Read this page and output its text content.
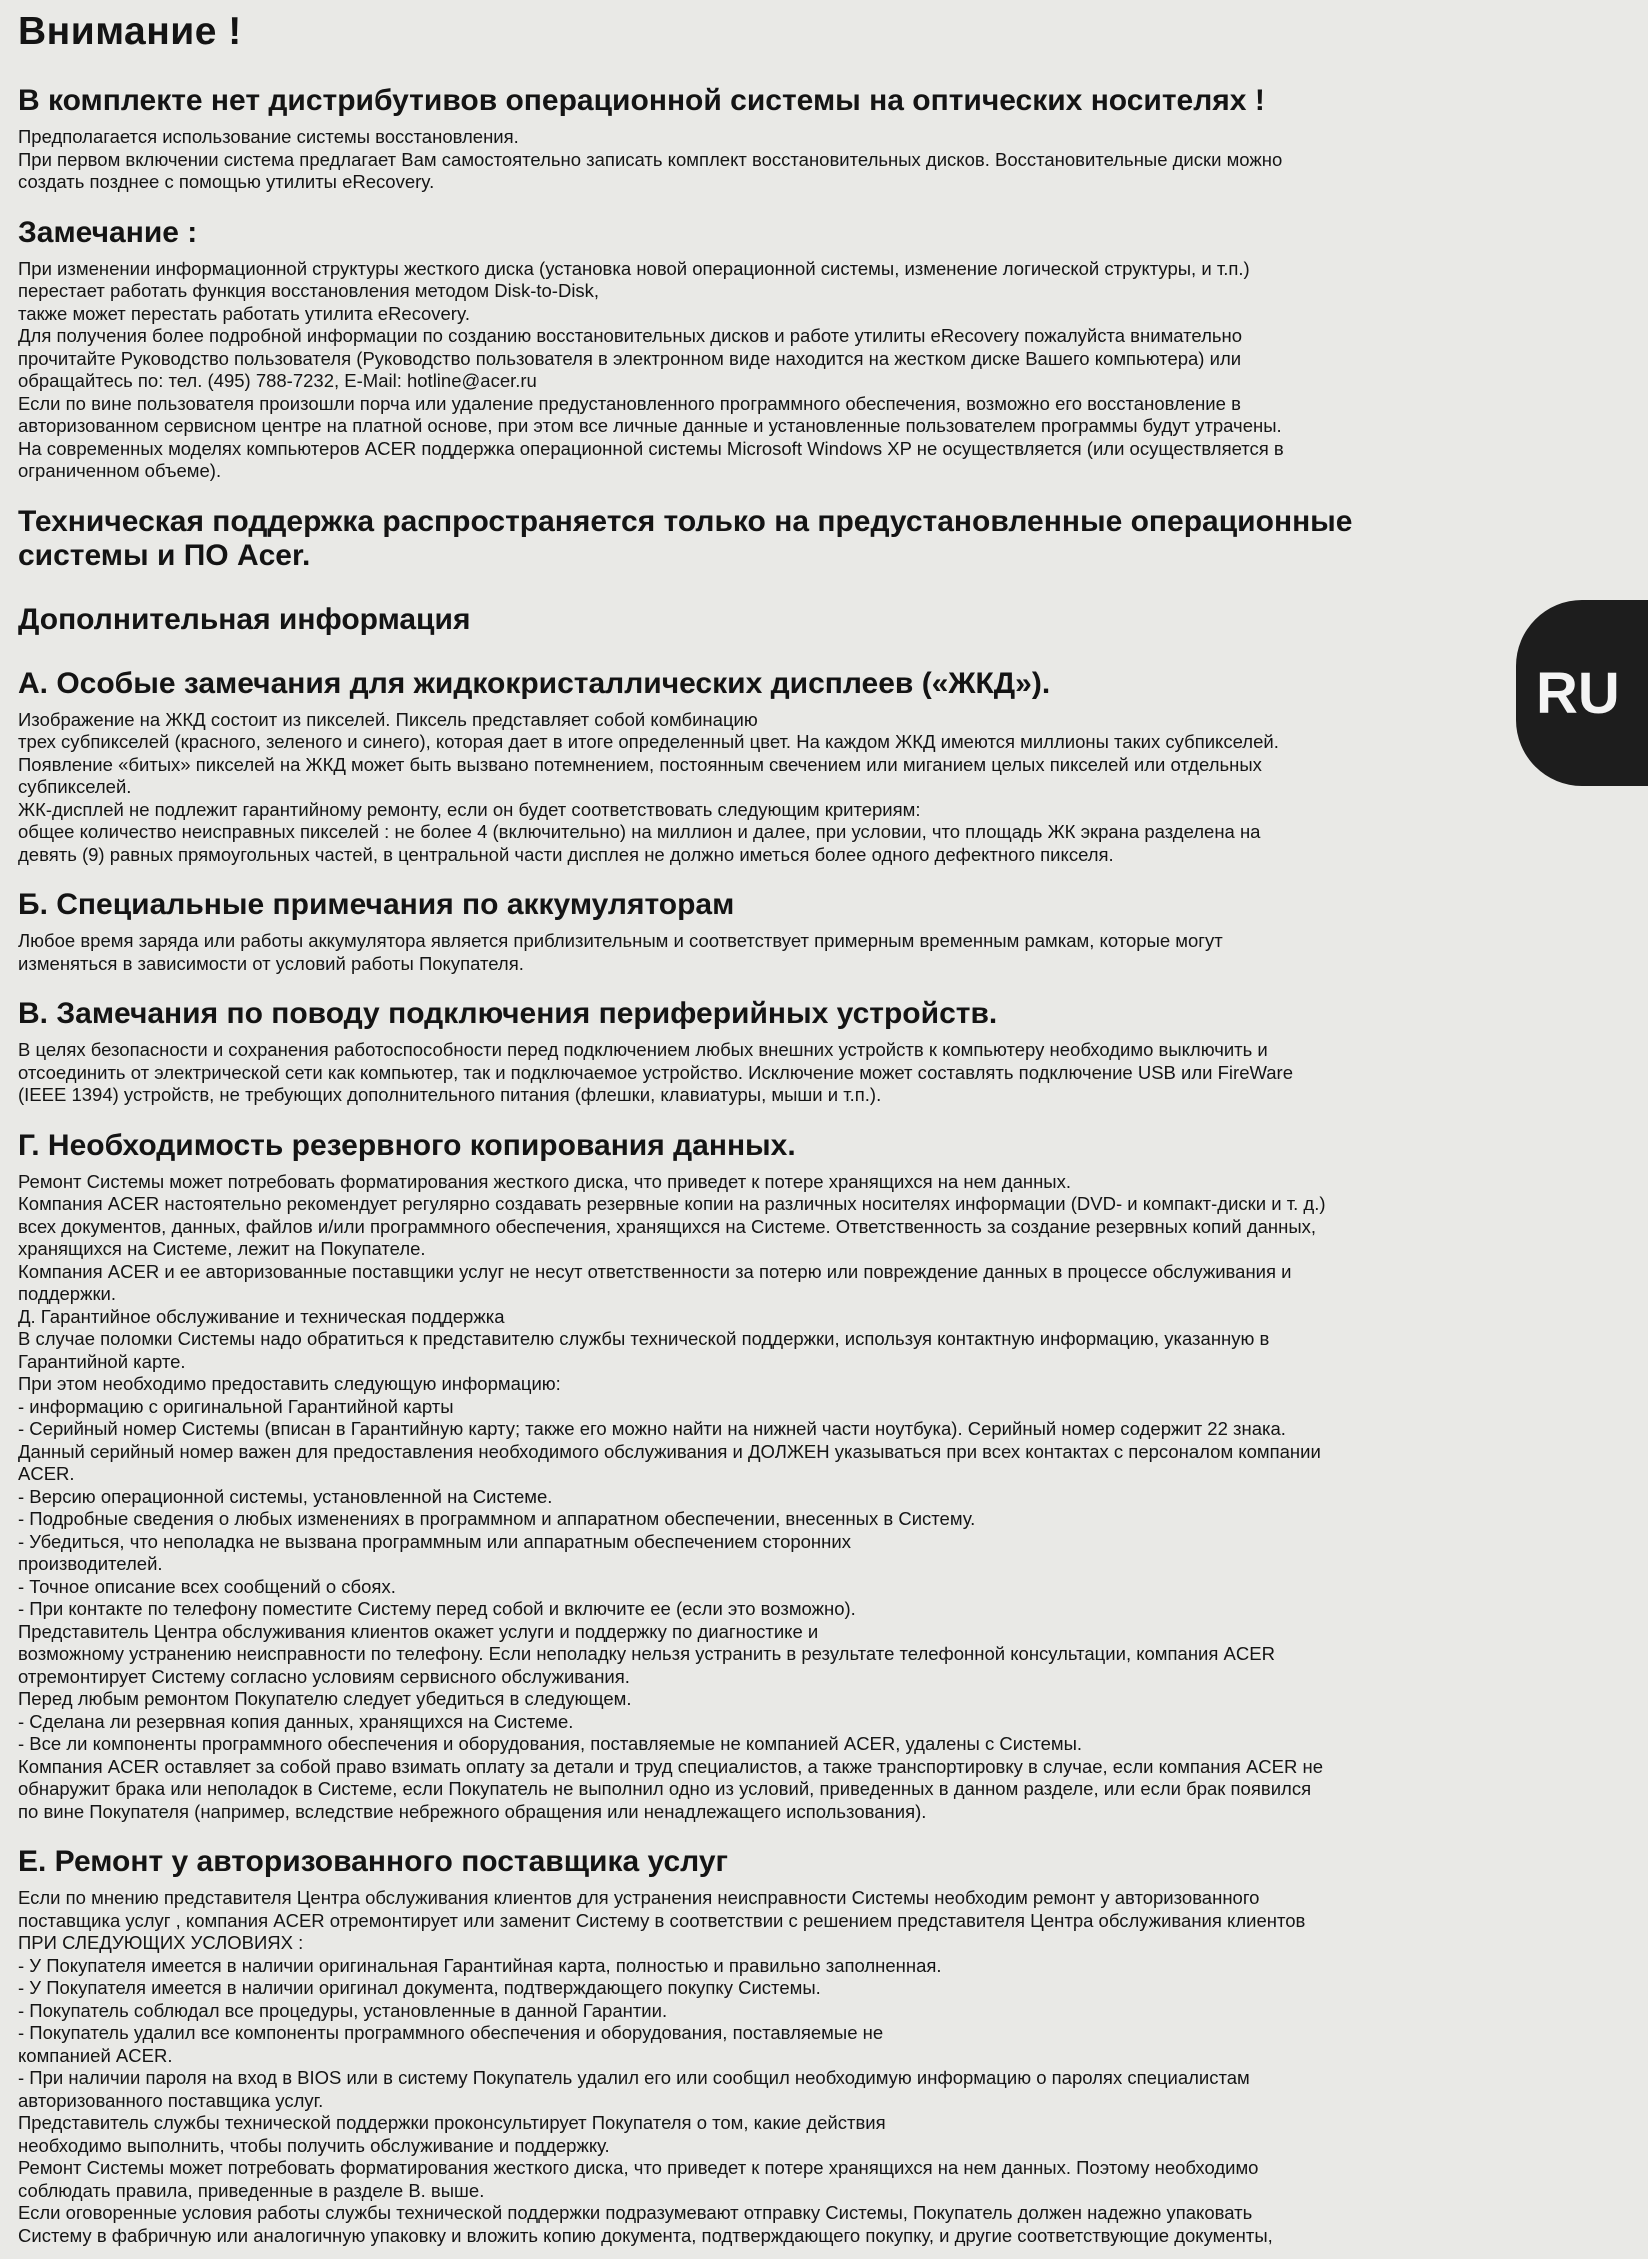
Внимание !
В комплекте нет дистрибутивов операционной системы на оптических носителях !
Предполагается использование системы восстановления.
При первом включении система предлагает Вам самостоятельно записать комплект восстановительных дисков. Восстановительные диски можно
создать позднее с помощью утилиты eRecovery.
Замечание :
При изменении информационной структуры жесткого диска (установка новой операционной системы, изменение логической структуры, и т.п.)
перестает работать функция восстановления методом Disk-to-Disk,
также может перестать работать утилита eRecovery.
Для получения более подробной информации по созданию восстановительных дисков и работе утилиты eRecovery пожалуйста внимательно
прочитайте Руководство пользователя (Руководство пользователя в электронном виде находится на жестком диске Вашего компьютера) или
обращайтесь по: тел. (495) 788-7232, E-Mail: hotline@acer.ru
Если по вине пользователя произошли порча или удаление предустановленного программного обеспечения, возможно его восстановление в
авторизованном сервисном центре на платной основе, при этом все личные данные и установленные пользователем программы будут утрачены.
На современных моделях компьютеров ACER поддержка операционной системы Microsoft Windows XP не осуществляется (или осуществляется в
ограниченном объеме).
Техническая поддержка распространяется только на предустановленные операционные системы и ПО Acer.
Дополнительная информация
А. Особые замечания для жидкокристаллических дисплеев («ЖКД»).
Изображение на ЖКД состоит из пикселей. Пиксель представляет собой комбинацию
трех субпикселей (красного, зеленого и синего), которая дает в итоге определенный цвет. На каждом ЖКД имеются миллионы таких субпикселей.
Появление «битых» пикселей на ЖКД может быть вызвано потемнением, постоянным свечением или миганием целых пикселей или отдельных
субпикселей.
ЖК-дисплей не подлежит гарантийному ремонту, если он будет соответствовать следующим критериям:
общее количество неисправных пикселей : не более 4 (включительно) на миллион и далее, при условии, что площадь ЖК экрана разделена на
девять (9) равных прямоугольных частей, в центральной части дисплея не должно иметься более одного дефектного пикселя.
Б. Специальные примечания по аккумуляторам
Любое время заряда или работы аккумулятора является приблизительным и соответствует примерным временным рамкам, которые могут
изменяться в зависимости от условий работы Покупателя.
В. Замечания по поводу подключения периферийных устройств.
В целях безопасности и сохранения работоспособности перед подключением любых внешних устройств к компьютеру необходимо выключить и
отсоединить от электрической сети как компьютер, так и подключаемое устройство. Исключение может составлять подключение USB или FireWare
(IEEE 1394) устройств, не требующих дополнительного питания (флешки, клавиатуры, мыши и т.п.).
Г. Необходимость резервного копирования данных.
Ремонт Системы может потребовать форматирования жесткого диска, что приведет к потере хранящихся на нем данных.
Компания ACER настоятельно рекомендует регулярно создавать резервные копии на различных носителях информации (DVD- и компакт-диски и т. д.)
всех документов, данных, файлов и/или программного обеспечения, хранящихся на Системе. Ответственность за создание резервных копий данных,
хранящихся на Системе, лежит на Покупателе.
Компания ACER и ее авторизованные поставщики услуг не несут ответственности за потерю или повреждение данных в процессе обслуживания и
поддержки.
Д. Гарантийное обслуживание и техническая поддержка
В случае поломки Системы надо обратиться к представителю службы технической поддержки, используя контактную информацию, указанную в
Гарантийной карте.
При этом необходимо предоставить следующую информацию:
- информацию с оригинальной Гарантийной карты
- Серийный номер Системы (вписан в Гарантийную карту; также его можно найти на нижней части ноутбука). Серийный номер содержит 22 знака.
Данный серийный номер важен для предоставления необходимого обслуживания и ДОЛЖЕН указываться при всех контактах с персоналом компании
ACER.
- Версию операционной системы, установленной на Системе.
- Подробные сведения о любых изменениях в программном и аппаратном обеспечении, внесенных в Систему.
- Убедиться, что неполадка не вызвана программным или аппаратным обеспечением сторонних
производителей.
- Точное описание всех сообщений о сбоях.
- При контакте по телефону поместите Систему перед собой и включите ее (если это возможно).
Представитель Центра обслуживания клиентов окажет услуги и поддержку по диагностике и
возможному устранению неисправности по телефону. Если неполадку нельзя устранить в результате телефонной консультации, компания ACER
отремонтирует Систему согласно условиям сервисного обслуживания.
Перед любым ремонтом Покупателю следует убедиться в следующем.
- Сделана ли резервная копия данных, хранящихся на Системе.
- Все ли компоненты программного обеспечения и оборудования, поставляемые не компанией ACER, удалены с Системы.
Компания ACER оставляет за собой право взимать оплату за детали и труд специалистов, а также транспортировку в случае, если компания ACER не
обнаружит брака или неполадок в Системе, если Покупатель не выполнил одно из условий, приведенных в данном разделе, или если брак появился
по вине Покупателя (например, вследствие небрежного обращения или ненадлежащего использования).
Е. Ремонт у авторизованного поставщика услуг
Если по мнению представителя Центра обслуживания клиентов для устранения неисправности Системы необходим ремонт у авторизованного
поставщика услуг , компания ACER отремонтирует или заменит Систему в соответствии с решением представителя Центра обслуживания клиентов
ПРИ СЛЕДУЮЩИХ УСЛОВИЯХ :
- У Покупателя имеется в наличии оригинальная Гарантийная карта, полностью и правильно заполненная.
- У Покупателя имеется в наличии оригинал документа, подтверждающего покупку Системы.
- Покупатель соблюдал все процедуры, установленные в данной Гарантии.
- Покупатель удалил все компоненты программного обеспечения и оборудования, поставляемые не
компанией ACER.
- При наличии пароля на вход в BIOS или в систему Покупатель удалил его или сообщил необходимую информацию о паролях специалистам
авторизованного поставщика услуг.
Представитель службы технической поддержки проконсультирует Покупателя о том, какие действия
необходимо выполнить, чтобы получить обслуживание и поддержку.
Ремонт Системы может потребовать форматирования жесткого диска, что приведет к потере хранящихся на нем данных. Поэтому необходимо
соблюдать правила, приведенные в разделе В. выше.
Если оговоренные условия работы службы технической поддержки подразумевают отправку Системы, Покупатель должен надежно упаковать
Систему в фабричную или аналогичную упаковку и вложить копию документа, подтверждающего покупку, и другие соответствующие документы,
RU
